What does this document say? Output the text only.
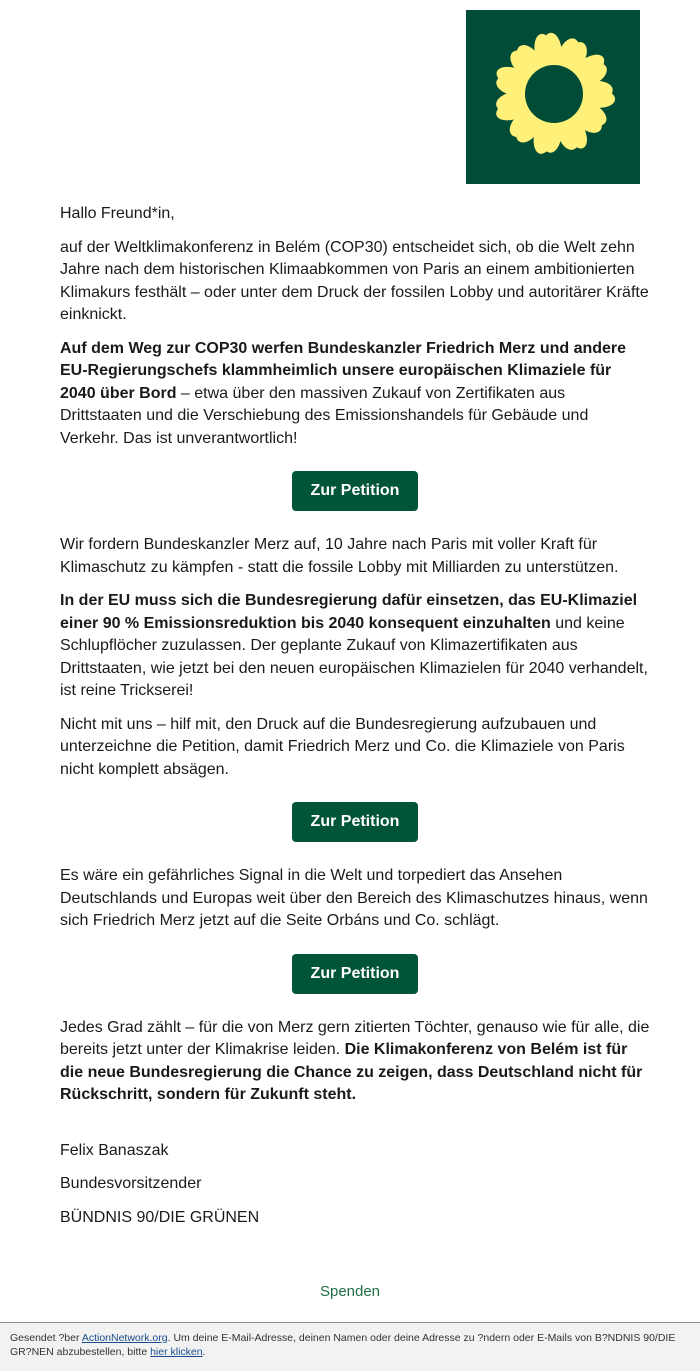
Hallo Freund*in,

auf der Weltklimakonferenz in Belém (COP30) entscheidet sich, ob die Welt zehn Jahre nach dem historischen Klimaabkommen von Paris an einem ambitionierten Klimakurs festhält – oder unter dem Druck der fossilen Lobby und autoritärer Kräfte einknickt.

Auf dem Weg zur COP30 werfen Bundeskanzler Friedrich Merz und andere EU-Regierungschefs klammheimlich unsere europäischen Klimaziele für 2040 über Bord – etwa über den massiven Zukauf von Zertifikaten aus Drittstaaten und die Verschiebung des Emissionshandels für Gebäude und Verkehr. Das ist unverantwortlich!

Zur Petition

Wir fordern Bundeskanzler Merz auf, 10 Jahre nach Paris mit voller Kraft für Klimaschutz zu kämpfen - statt die fossile Lobby mit Milliarden zu unterstützen.

In der EU muss sich die Bundesregierung dafür einsetzen, das EU-Klimaziel einer 90 % Emissionsreduktion bis 2040 konsequent einzuhalten und keine Schlupflöcher zuzulassen. Der geplante Zukauf von Klimazertifikaten aus Drittstaaten, wie jetzt bei den neuen europäischen Klimazielen für 2040 verhandelt, ist reine Trickserei!

Nicht mit uns – hilf mit, den Druck auf die Bundesregierung aufzubauen und unterzeichne die Petition, damit Friedrich Merz und Co. die Klimaziele von Paris nicht komplett absägen.

Zur Petition

Es wäre ein gefährliches Signal in die Welt und torpediert das Ansehen Deutschlands und Europas weit über den Bereich des Klimaschutzes hinaus, wenn sich Friedrich Merz jetzt auf die Seite Orbáns und Co. schlägt.

Zur Petition

Jedes Grad zählt – für die von Merz gern zitierten Töchter, genauso wie für alle, die bereits jetzt unter der Klimakrise leiden. Die Klimakonferenz von Belém ist für die neue Bundesregierung die Chance zu zeigen, dass Deutschland nicht für Rückschritt, sondern für Zukunft steht.

Felix Banaszak

Bundesvorsitzender

BÜNDNIS 90/DIE GRÜNEN

Spenden
Gesendet ?ber ActionNetwork.org. Um deine E-Mail-Adresse, deinen Namen oder deine Adresse zu ?ndern oder E-Mails von B?NDNIS 90/DIE GR?NEN abzubestellen, bitte hier klicken.
